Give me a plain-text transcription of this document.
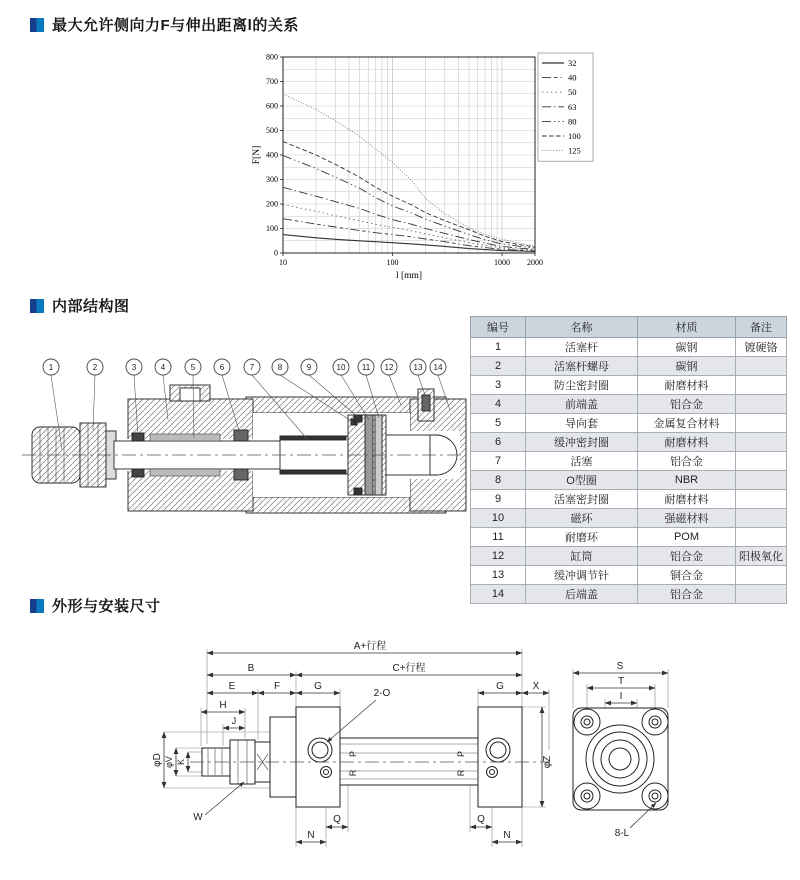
最大允许侧向力F与伸出距离l的关系
0
100
200
300
400
500
600
700
800
10	100	1000 2000
l [mm]
F[N]
32
40
50
63
80
100
125
内部结构图
1	2	3	4	5	6	7	8	9	10 11 12	13 14
编号	名称	材质	备注
1	活塞杆	碳钢	镀硬铬
2	活塞杆螺母	碳钢	
3	防尘密封圈	耐磨材料	
4	前端盖	铝合金	
5	导向套	金属复合材料	
6	缓冲密封圈	耐磨材料	
7	活塞	铝合金	
8	O型圈	NBR	
9	活塞密封圈	耐磨材料	
10	磁环	强磁材料	
11	耐磨环	POM	
12	缸筒	铝合金	阳极氧化
13	缓冲调节针	铜合金	
14	后端盖	铝合金	
外形与安装尺寸
A+行程
B	C+行程
E	F	G	G	X
H
J
2-O
φD φV K
W
P
R
P
R
Q
N
Q
N
φZ
S
T
I
8-L
